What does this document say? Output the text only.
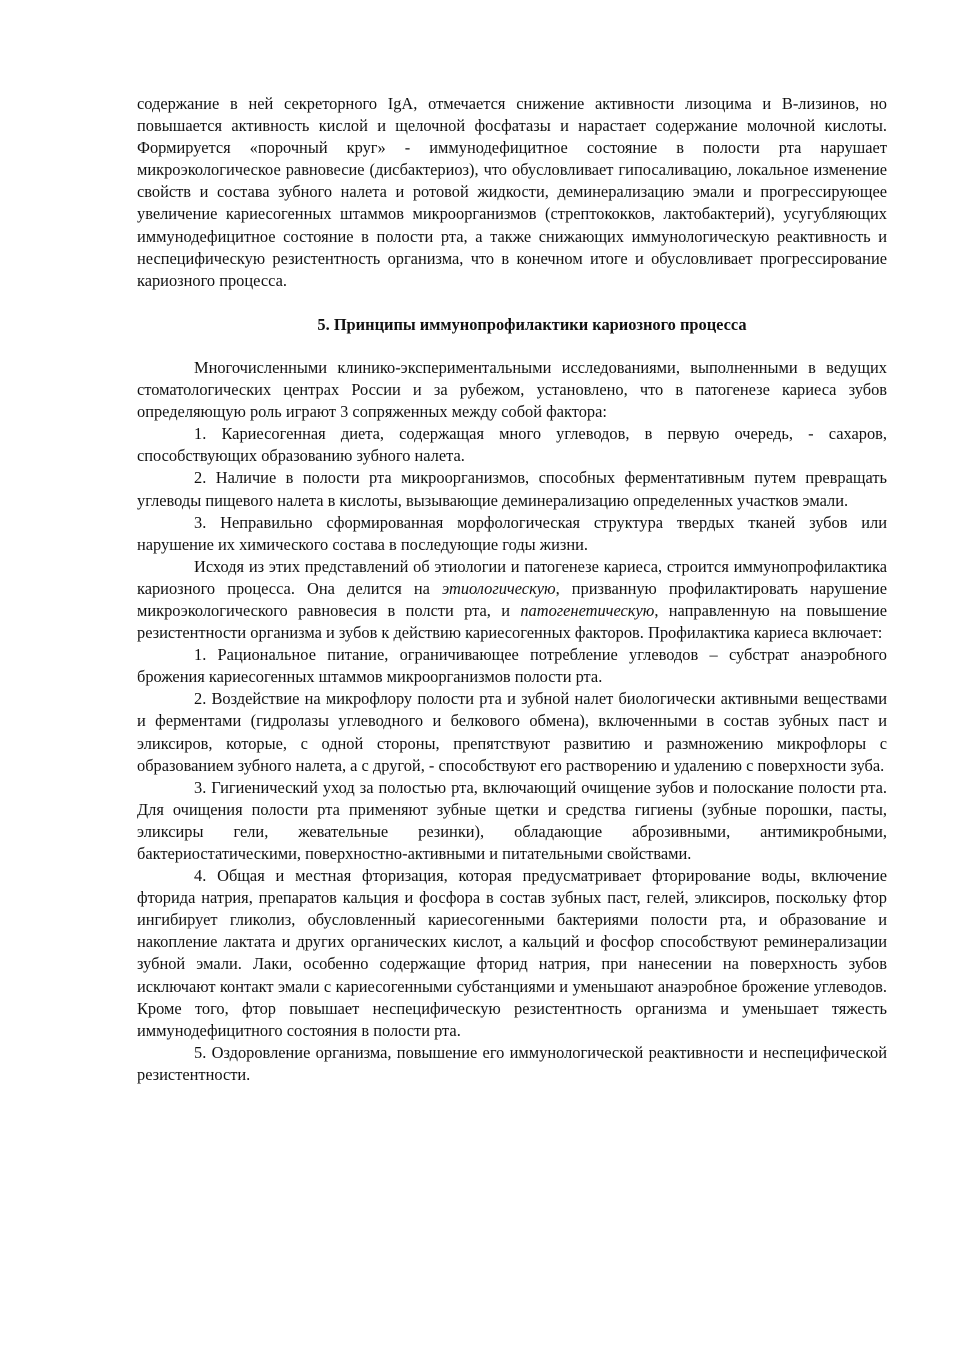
содержание в ней секреторного IgA, отмечается снижение активности лизоцима и B-лизинов, но повышается активность кислой и щелочной фосфатазы и нарастает содержание молочной кислоты. Формируется «порочный круг» - иммунодефицитное состояние в полости рта нарушает микроэкологическое равновесие (дисбактериоз), что обусловливает гипосаливацию, локальное изменение свойств и состава зубного налета и ротовой жидкости, деминерализацию эмали и прогрессирующее увеличение кариесогенных штаммов микроорганизмов (стрептококков, лактобактерий), усугубляющих иммунодефицитное состояние в полости рта, а также снижающих иммунологическую реактивность и неспецифическую резистентность организма, что в конечном итоге и обусловливает прогрессирование кариозного процесса.

5. Принципы иммунопрофилактики кариозного процесса

Многочисленными клинико-экспериментальными исследованиями, выполненными в ведущих стоматологических центрах России и за рубежом, установлено, что в патогенезе кариеса зубов определяющую роль играют 3 сопряженных между собой фактора:

1. Кариесогенная диета, содержащая много углеводов, в первую очередь, - сахаров, способствующих образованию зубного налета.

2. Наличие в полости рта микроорганизмов, способных ферментативным путем превращать углеводы пищевого налета в кислоты, вызывающие деминерализацию определенных участков эмали.

3. Неправильно сформированная морфологическая структура твердых тканей зубов или нарушение их химического состава в последующие годы жизни.

Исходя из этих представлений об этиологии и патогенезе кариеса, строится иммунопрофилактика кариозного процесса. Она делится на этиологическую, призванную профилактировать нарушение микроэкологического равновесия в полсти рта, и патогенетическую, направленную на повышение резистентности организма и зубов к действию кариесогенных факторов. Профилактика кариеса включает:

1. Рациональное питание, ограничивающее потребление углеводов – субстрат анаэробного брожения кариесогенных штаммов микроорганизмов полости рта.

2. Воздействие на микрофлору полости рта и зубной налет биологически активными веществами и ферментами (гидролазы углеводного и белкового обмена), включенными в состав зубных паст и эликсиров, которые, с одной стороны, препятствуют развитию и размножению микрофлоры с образованием зубного налета, а с другой, - способствуют его растворению и удалению с поверхности зуба.

3. Гигиенический уход за полостью рта, включающий очищение зубов и полоскание полости рта. Для очищения полости рта применяют зубные щетки и средства гигиены (зубные порошки, пасты, эликсиры гели, жевательные резинки), обладающие аброзивными, антимикробными, бактериостатическими, поверхностно-активными и питательными свойствами.

4. Общая и местная фторизация, которая предусматривает фторирование воды, включение фторида натрия, препаратов кальция и фосфора в состав зубных паст, гелей, эликсиров, поскольку фтор ингибирует гликолиз, обусловленный кариесогенными бактериями полости рта, и образование и накопление лактата и других органических кислот, а кальций и фосфор способствуют реминерализации зубной эмали. Лаки, особенно содержащие фторид натрия, при нанесении на поверхность зубов исключают контакт эмали с кариесогенными субстанциями и уменьшают анаэробное брожение углеводов. Кроме того, фтор повышает неспецифическую резистентность организма и уменьшает тяжесть иммунодефицитного состояния в полости рта.

5. Оздоровление организма, повышение его иммунологической реактивности и неспецифической резистентности.
